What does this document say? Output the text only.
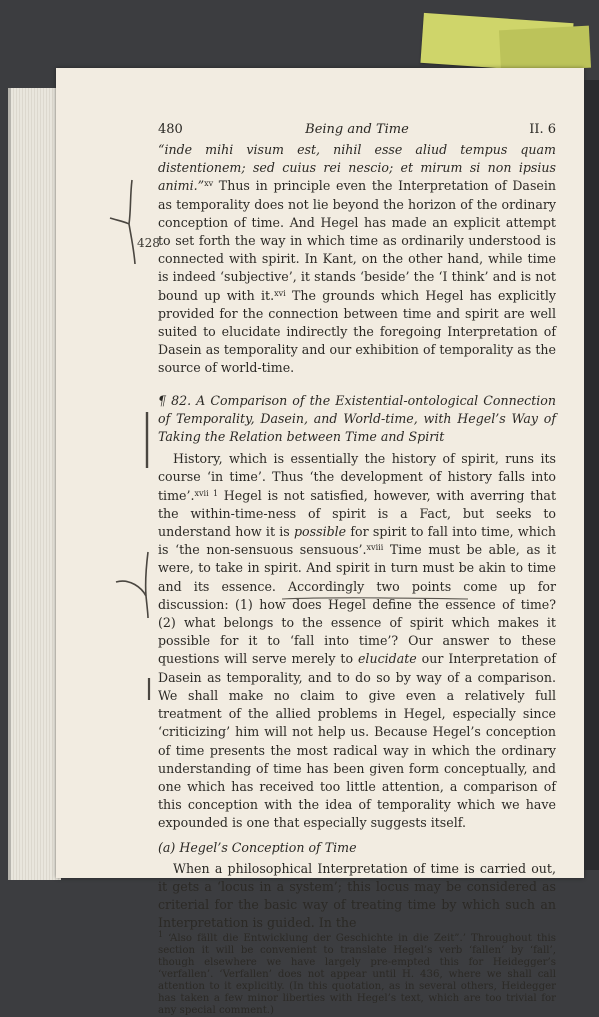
480	Being and Time	II. 6
428

“inde mihi visum est, nihil esse aliud tempus quam distentionem; sed cuius rei nescio; et mirum si non ipsius animi.”$^{xv}$ Thus in principle even the Interpretation of Dasein as temporality does not lie beyond the horizon of the ordinary conception of time. And Hegel has made an explicit attempt to set forth the way in which time as ordinarily understood is connected with spirit. In Kant, on the other hand, while time is indeed ‘subjective’, it stands ‘beside’ the ‘I think’ and is not bound up with it.$^{xvi}$ The grounds which Hegel has explicitly provided for the connection between time and spirit are well suited to elucidate indirectly the foregoing Interpretation of Dasein as temporality and our exhibition of temporality as the source of world-time.

¶ 82. A Comparison of the Existential-ontological Connection of Temporality, Dasein, and World-time, with Hegel’s Way of Taking the Relation between Time and Spirit

History, which is essentially the history of spirit, runs its course ‘in time’. Thus ‘the development of history falls into time’.$^{xvii 1}$ Hegel is not satisfied, however, with averring that the within-time-ness of spirit is a Fact, but seeks to understand how it is possible for spirit to fall into time, which is ‘the non-sensuous sensuous’.$^{xviii}$ Time must be able, as it were, to take in spirit. And spirit in turn must be akin to time and its essence. Accordingly two points come up for discussion: (1) how does Hegel define the essence of time? (2) what belongs to the essence of spirit which makes it possible for it to ‘fall into time’? Our answer to these questions will serve merely to elucidate our Interpretation of Dasein as temporality, and to do so by way of a comparison. We shall make no claim to give even a relatively full treatment of the allied problems in Hegel, especially since ‘criticizing’ him will not help us. Because Hegel’s conception of time presents the most radical way in which the ordinary understanding of time has been given form conceptually, and one which has received too little attention, a comparison of this conception with the idea of temporality which we have expounded is one that especially suggests itself.

(a) Hegel’s Conception of Time

When a philosophical Interpretation of time is carried out, it gets a ‘locus in a system’; this locus may be considered as criterial for the basic way of treating time by which such an Interpretation is guided. In the

$^1$ ‘Also fällt die Entwicklung der Geschichte in die Zeit”.’ Throughout this section it will be convenient to translate Hegel’s verb ‘fallen’ by ‘fall’, though elsewhere we have largely pre-empted this for Heidegger’s ‘verfallen’. ‘Verfallen’ does not appear until H. 436, where we shall call attention to it explicitly. (In this quotation, as in several others, Heidegger has taken a few minor liberties with Hegel’s text, which are too trivial for any special comment.)
